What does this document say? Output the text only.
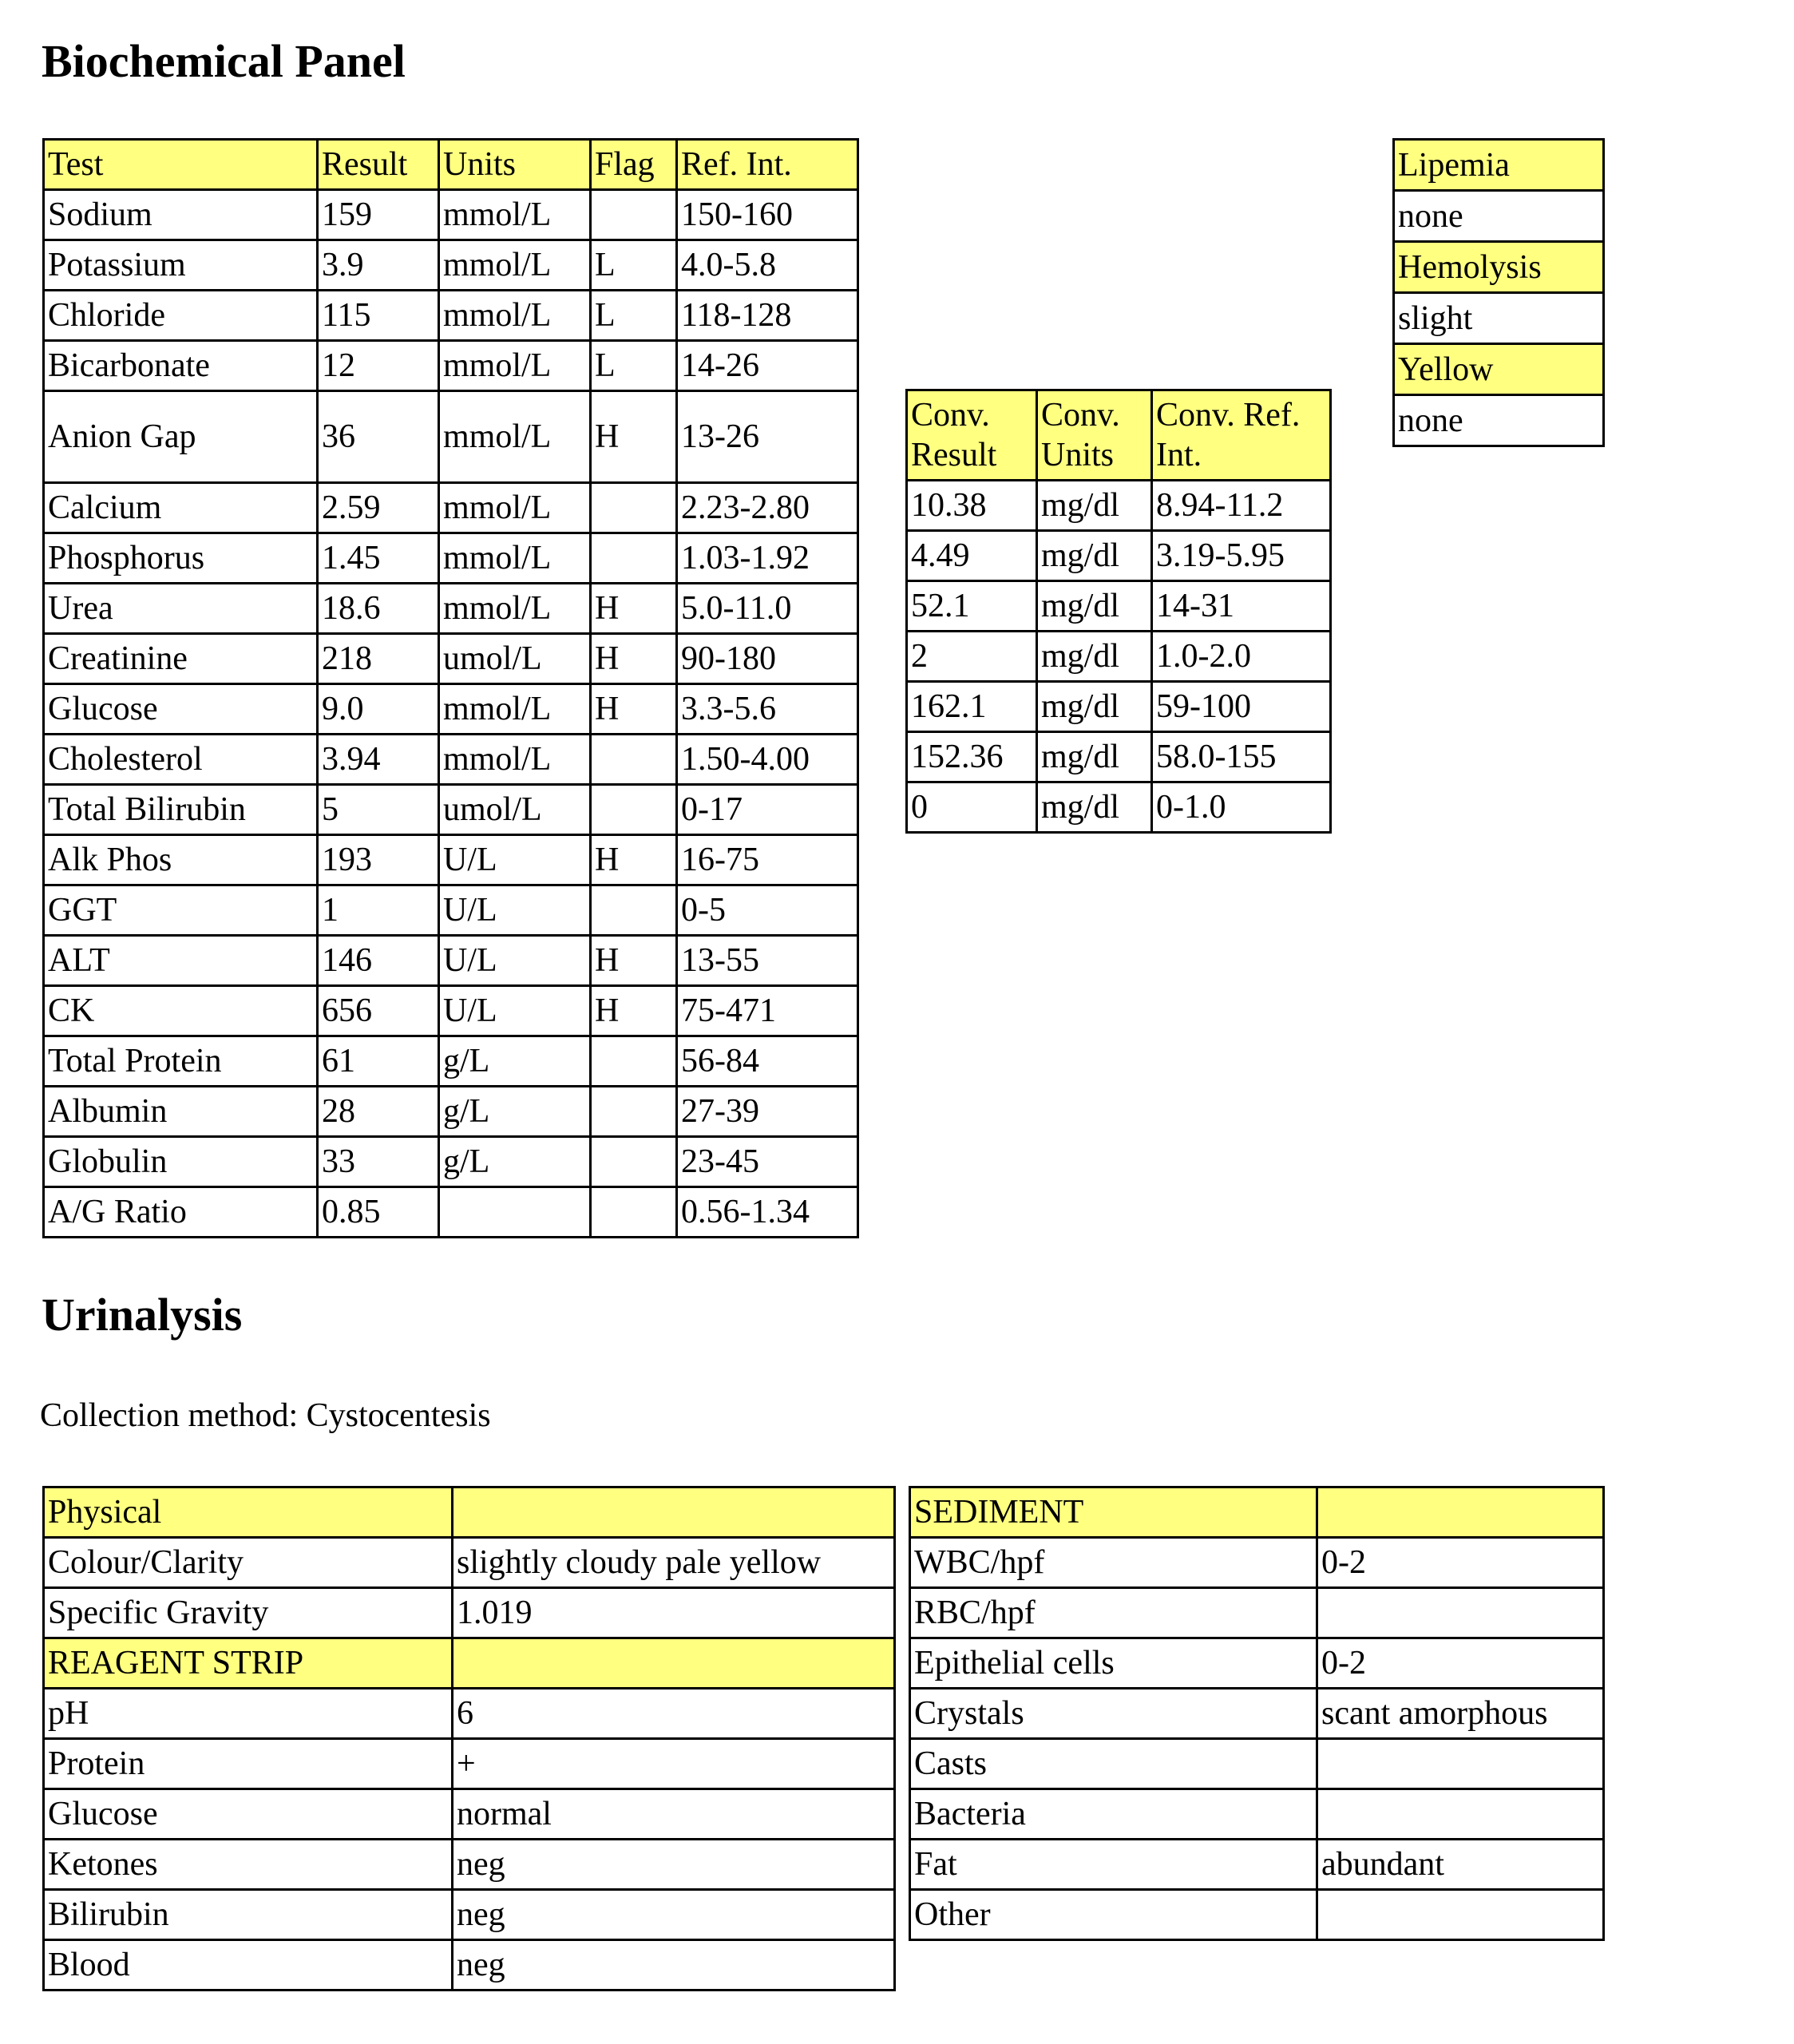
Biochemical Panel
Test	Result	Units	Flag	Ref. Int.
Sodium	159	mmol/L		150-160
Potassium	3.9	mmol/L	L	4.0-5.8
Chloride	115	mmol/L	L	118-128
Bicarbonate	12	mmol/L	L	14-26
Anion Gap	36	mmol/L	H	13-26
Calcium	2.59	mmol/L		2.23-2.80
Phosphorus	1.45	mmol/L		1.03-1.92
Urea	18.6	mmol/L	H	5.0-11.0
Creatinine	218	umol/L	H	90-180
Glucose	9.0	mmol/L	H	3.3-5.6
Cholesterol	3.94	mmol/L		1.50-4.00
Total Bilirubin	5	umol/L		0-17
Alk Phos	193	U/L	H	16-75
GGT	1	U/L		0-5
ALT	146	U/L	H	13-55
CK	656	U/L	H	75-471
Total Protein	61	g/L		56-84
Albumin	28	g/L		27-39
Globulin	33	g/L		23-45
A/G Ratio	0.85			0.56-1.34
Conv. Result	Conv. Units	Conv. Ref. Int.
10.38	mg/dl	8.94-11.2
4.49	mg/dl	3.19-5.95
52.1	mg/dl	14-31
2	mg/dl	1.0-2.0
162.1	mg/dl	59-100
152.36	mg/dl	58.0-155
0	mg/dl	0-1.0
Lipemia
none
Hemolysis
slight
Yellow
none
Urinalysis

Collection method: Cystocentesis

Physical	
Colour/Clarity	slightly cloudy pale yellow
Specific Gravity	1.019
REAGENT STRIP	
pH	6
Protein	+
Glucose	normal
Ketones	neg
Bilirubin	neg
Blood	neg
SEDIMENT	
WBC/hpf	0-2
RBC/hpf	
Epithelial cells	0-2
Crystals	scant amorphous
Casts	
Bacteria	
Fat	abundant
Other	
